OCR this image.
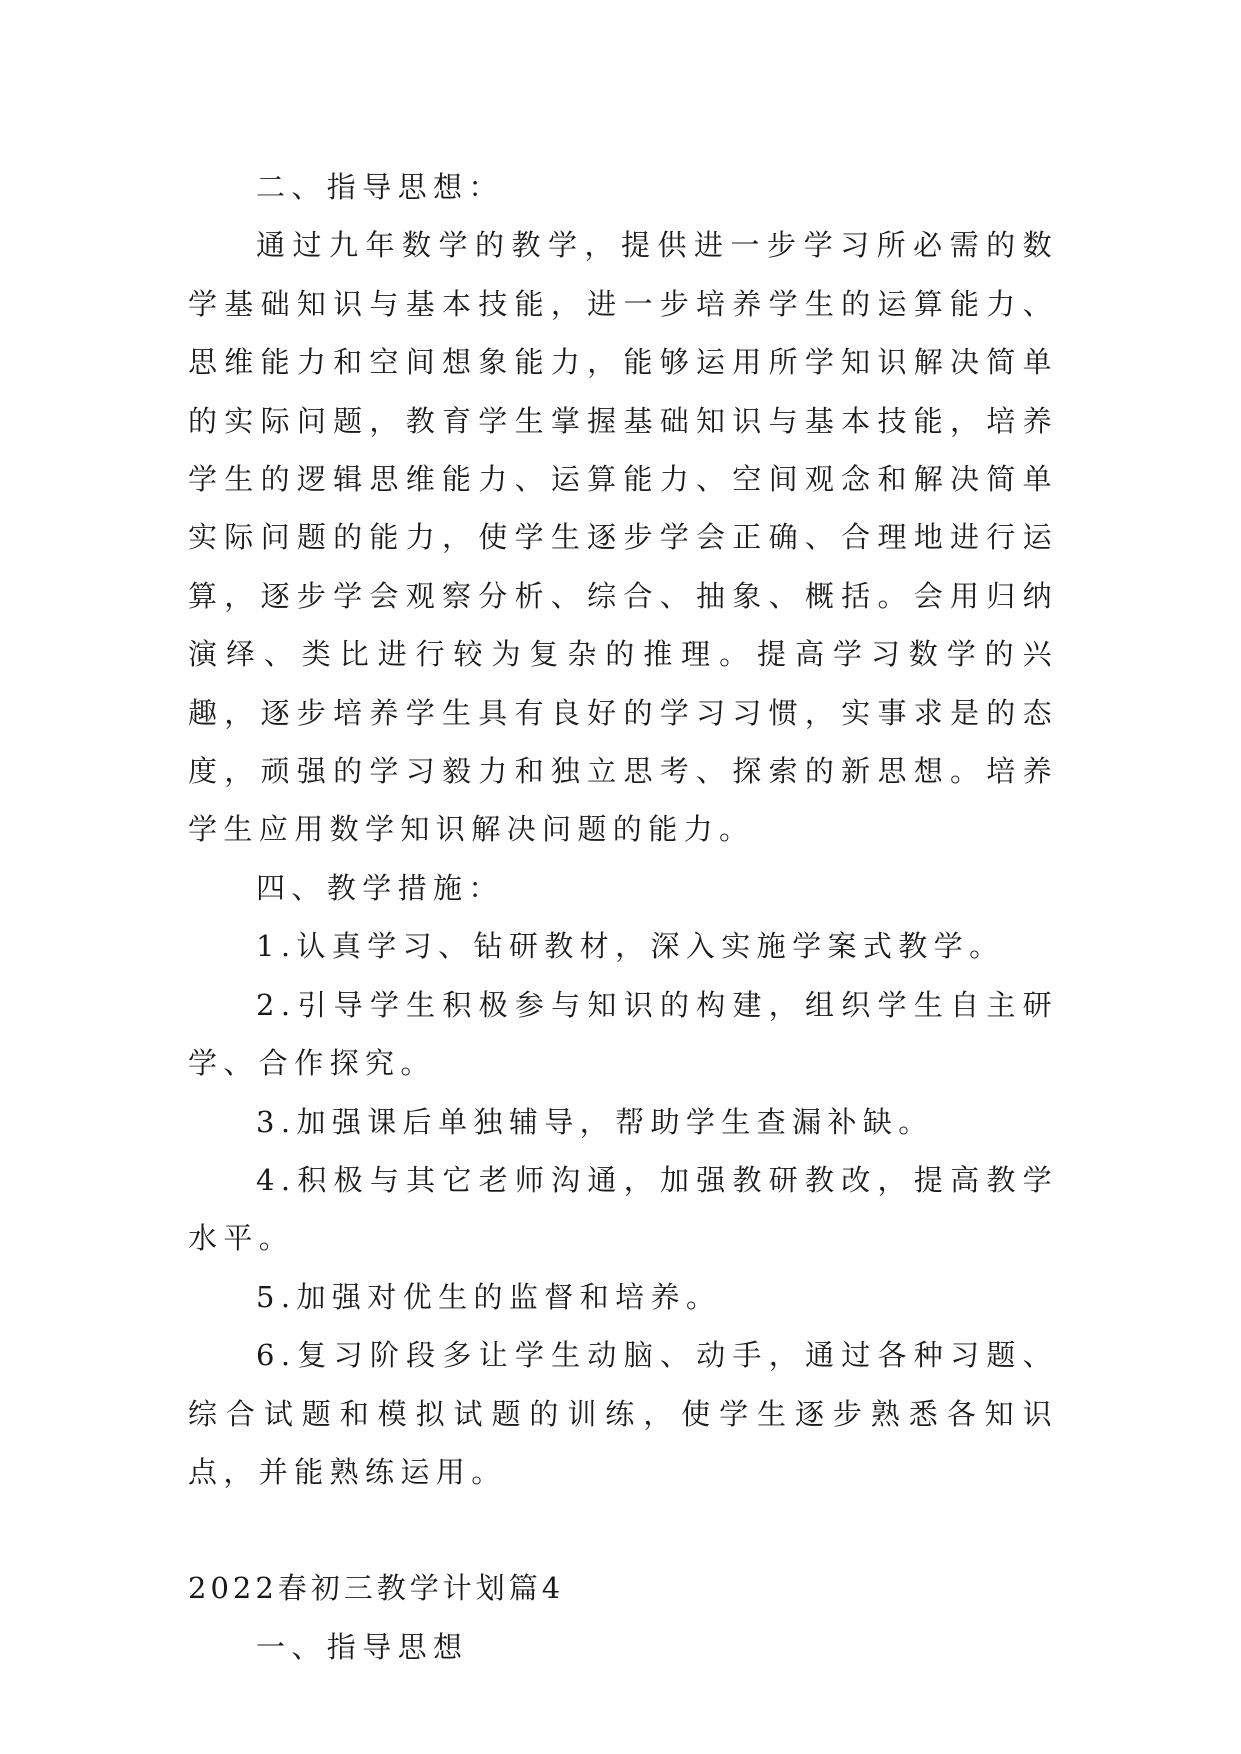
二、指导思想：

通过九年数学的教学，提供进一步学习所必需的数学基础知识与基本技能，进一步培养学生的运算能力、思维能力和空间想象能力，能够运用所学知识解决简单的实际问题，教育学生掌握基础知识与基本技能，培养学生的逻辑思维能力、运算能力、空间观念和解决简单实际问题的能力，使学生逐步学会正确、合理地进行运算，逐步学会观察分析、综合、抽象、概括。会用归纳演绎、类比进行较为复杂的推理。提高学习数学的兴趣，逐步培养学生具有良好的学习习惯，实事求是的态度，顽强的学习毅力和独立思考、探索的新思想。培养学生应用数学知识解决问题的能力。

四、教学措施：

1.认真学习、钻研教材，深入实施学案式教学。

2.引导学生积极参与知识的构建，组织学生自主研学、合作探究。

3.加强课后单独辅导，帮助学生查漏补缺。

4.积极与其它老师沟通，加强教研教改，提高教学水平。

5.加强对优生的监督和培养。

6.复习阶段多让学生动脑、动手，通过各种习题、综合试题和模拟试题的训练，使学生逐步熟悉各知识点，并能熟练运用。

2022春初三教学计划篇4

一、指导思想
